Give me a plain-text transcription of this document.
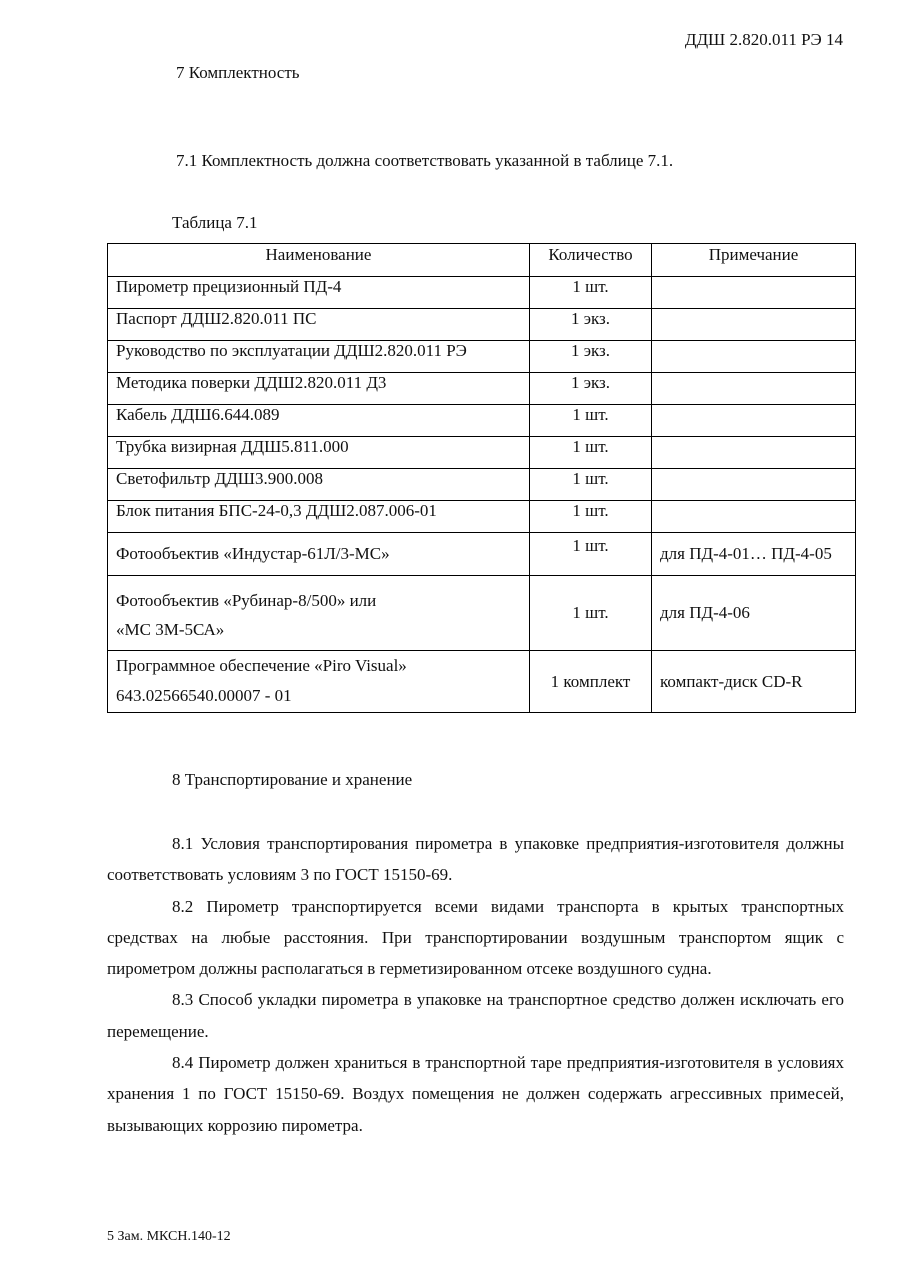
ДДШ 2.820.011 РЭ 14
7 Комплектность
7.1 Комплектность должна соответствовать указанной в таблице 7.1.
Таблица 7.1
Наименование	Количество	Примечание
Пирометр прецизионный ПД-4	1 шт.	
Паспорт ДДШ2.820.011 ПС	1 экз.	
Руководство по эксплуатации ДДШ2.820.011 РЭ	1 экз.	
Методика поверки ДДШ2.820.011 Д3	1 экз.	
Кабель ДДШ6.644.089	1 шт.	
Трубка визирная ДДШ5.811.000	1 шт.	
Светофильтр ДДШ3.900.008	1 шт.	
Блок питания БПС-24-0,3 ДДШ2.087.006-01	1 шт.	
Фотообъектив «Индустар-61Л/3-МС»	1 шт.	для ПД-4-01… ПД-4-05

Фотообъектив «Рубинар-8/500» или
«МС 3М-5СА»	1 шт.	для ПД-4-06

Программное обеспечение «Piro Visual»
643.02566540.00007 - 01	1 комплект	компакт-диск CD-R
8 Транспортирование и хранение

8.1 Условия транспортирования пирометра в упаковке предприятия-изготовителя должны соответствовать условиям 3 по ГОСТ 15150-69.

8.2 Пирометр транспортируется всеми видами транспорта в крытых транспортных средствах на любые расстояния. При транспортировании воздушным транспортом ящик с пирометром должны располагаться в герметизированном отсеке воздушного судна.

8.3 Способ укладки пирометра в упаковке на транспортное средство должен исключать его перемещение.

8.4 Пирометр должен храниться в транспортной таре предприятия-изготовителя в условиях хранения 1 по ГОСТ 15150-69. Воздух помещения не должен содержать агрессивных примесей, вызывающих коррозию пирометра.

5 Зам. МКСН.140-12
